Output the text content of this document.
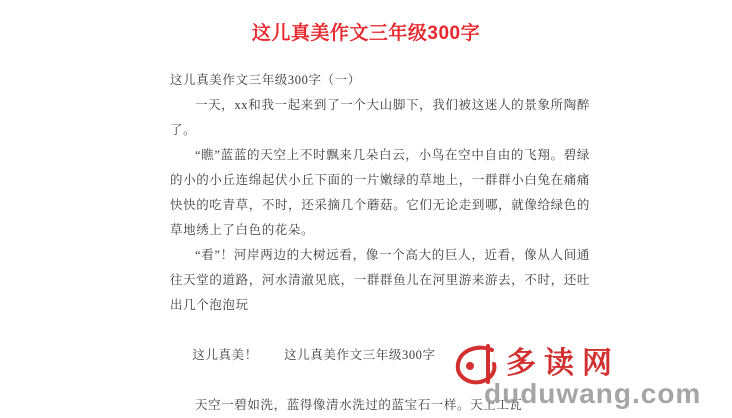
这儿真美作文三年级300字

这儿真美作文三年级300字（一）

一天，xx和我一起来到了一个大山脚下，我们被这迷人的景象所陶醉了。

“瞧”蓝蓝的天空上不时飘来几朵白云，小鸟在空中自由的飞翔。碧绿的小的小丘连绵起伏小丘下面的一片嫩绿的草地上，一群群小白兔在痛痛快快的吃青草，不时，还采摘几个蘑菇。它们无论走到哪，就像给绿色的草地绣上了白色的花朵。

“看”！河岸两边的大树远看，像一个高大的巨人，近看，像从人间通往天堂的道路，河水清澈见底，一群群鱼儿在河里游来游去，不时，还吐出几个泡泡玩

这儿真美！　　 这儿真美作文三年级300字

天空一碧如洗，蓝得像清水洗过的蓝宝石一样。天上工瓦

多读网
duduwang.com
